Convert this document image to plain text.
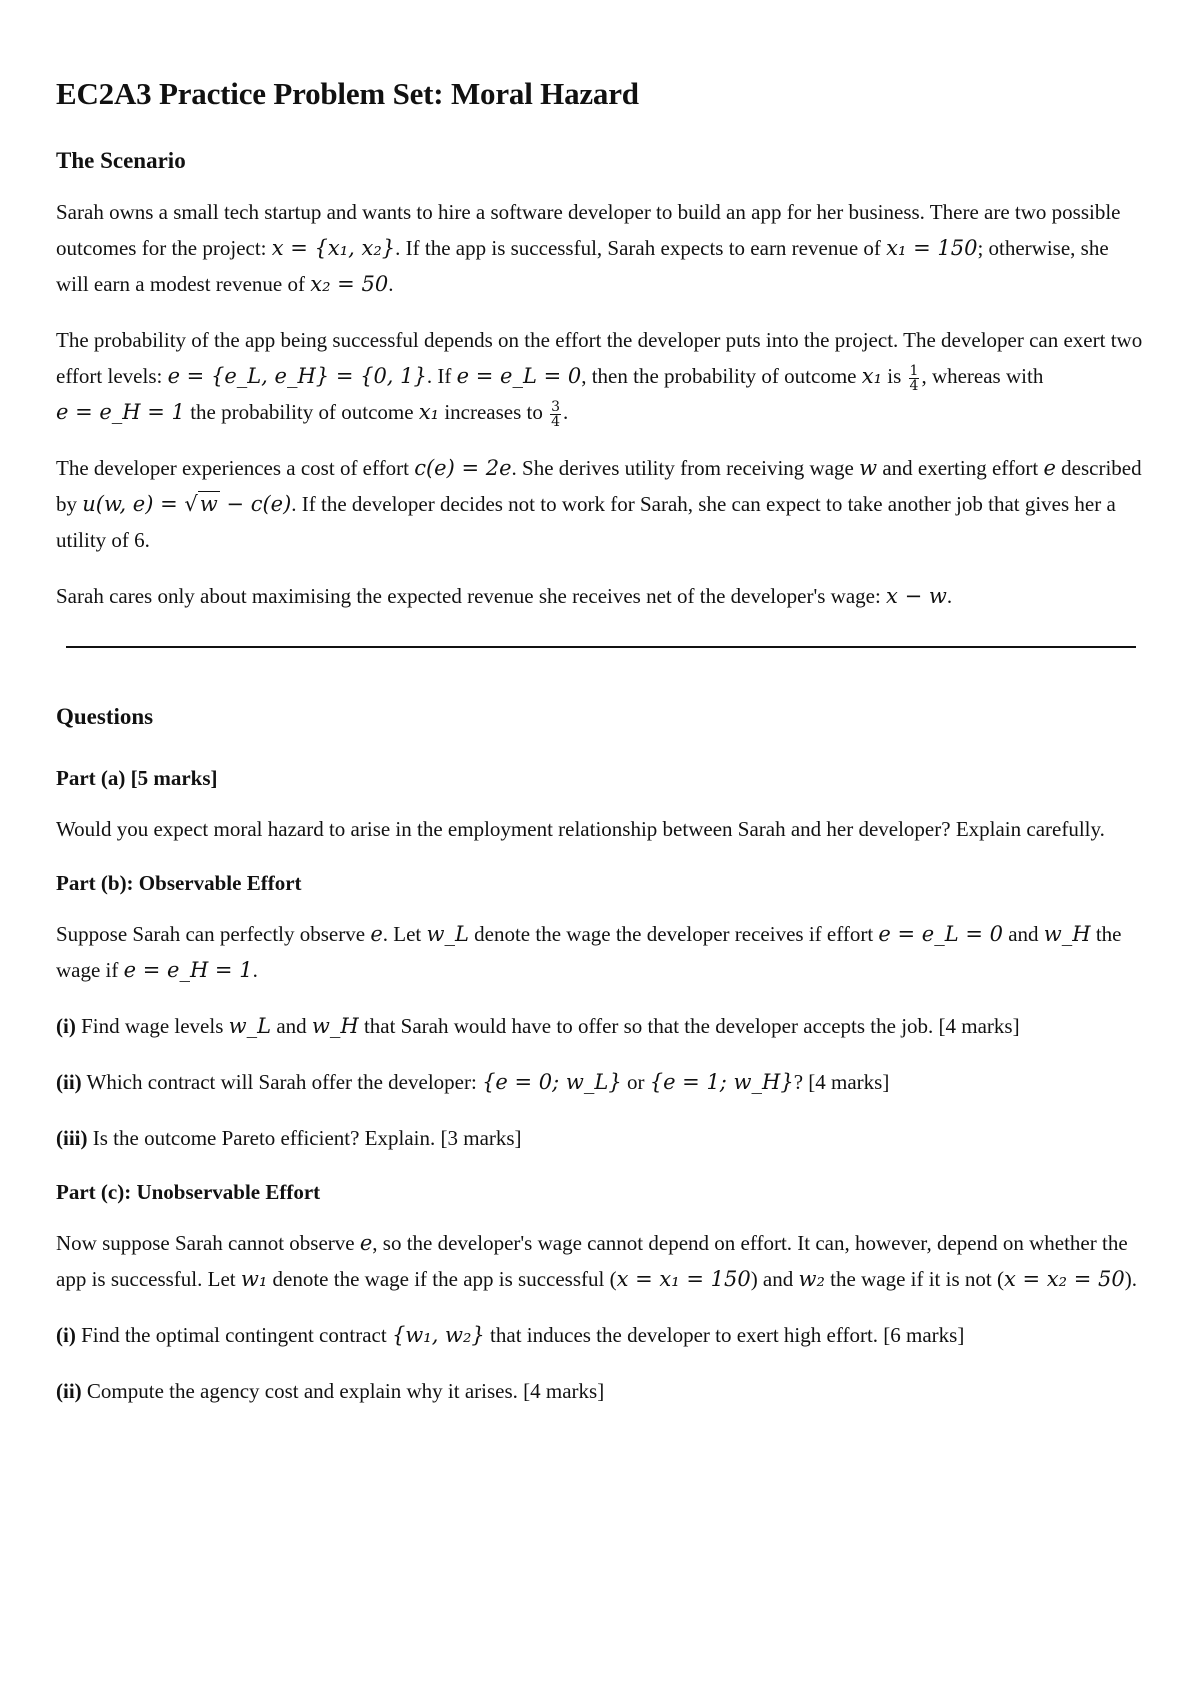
EC2A3 Practice Problem Set: Moral Hazard
The Scenario

Sarah owns a small tech startup and wants to hire a software developer to build an app for her business. There are two possible outcomes for the project: x = {x₁, x₂}. If the app is successful, Sarah expects to earn revenue of x₁ = 150; otherwise, she will earn a modest revenue of x₂ = 50.

The probability of the app being successful depends on the effort the developer puts into the project. The developer can exert two effort levels: e = {e_L, e_H} = {0, 1}. If e = e_L = 0, then the probability of outcome x₁ is $\frac{1}{4}$ , whereas with e = e_H = 1 the probability of outcome x₁ increases to $\frac{3}{4}$ .

The developer experiences a cost of effort c(e) = 2e. She derives utility from receiving wage w and exerting effort e described by u(w, e) = √w − c(e). If the developer decides not to work for Sarah, she can expect to take another job that gives her a utility of 6.

Sarah cares only about maximising the expected revenue she receives net of the developer's wage: x − w.

Questions
Part (a) [5 marks]

Would you expect moral hazard to arise in the employment relationship between Sarah and her developer? Explain carefully.

Part (b): Observable Effort

Suppose Sarah can perfectly observe e. Let w_L denote the wage the developer receives if effort e = e_L = 0 and w_H the wage if e = e_H = 1.

(i) Find wage levels w_L and w_H that Sarah would have to offer so that the developer accepts the job. [4 marks]
(ii) Which contract will Sarah offer the developer: {e = 0; w_L} or {e = 1; w_H}? [4 marks]
(iii) Is the outcome Pareto efficient? Explain. [3 marks]
Part (c): Unobservable Effort

Now suppose Sarah cannot observe e, so the developer's wage cannot depend on effort. It can, however, depend on whether the app is successful. Let w₁ denote the wage if the app is successful (x = x₁ = 150) and w₂ the wage if it is not (x = x₂ = 50).

(i) Find the optimal contingent contract {w₁, w₂} that induces the developer to exert high effort. [6 marks]
(ii) Compute the agency cost and explain why it arises. [4 marks]
